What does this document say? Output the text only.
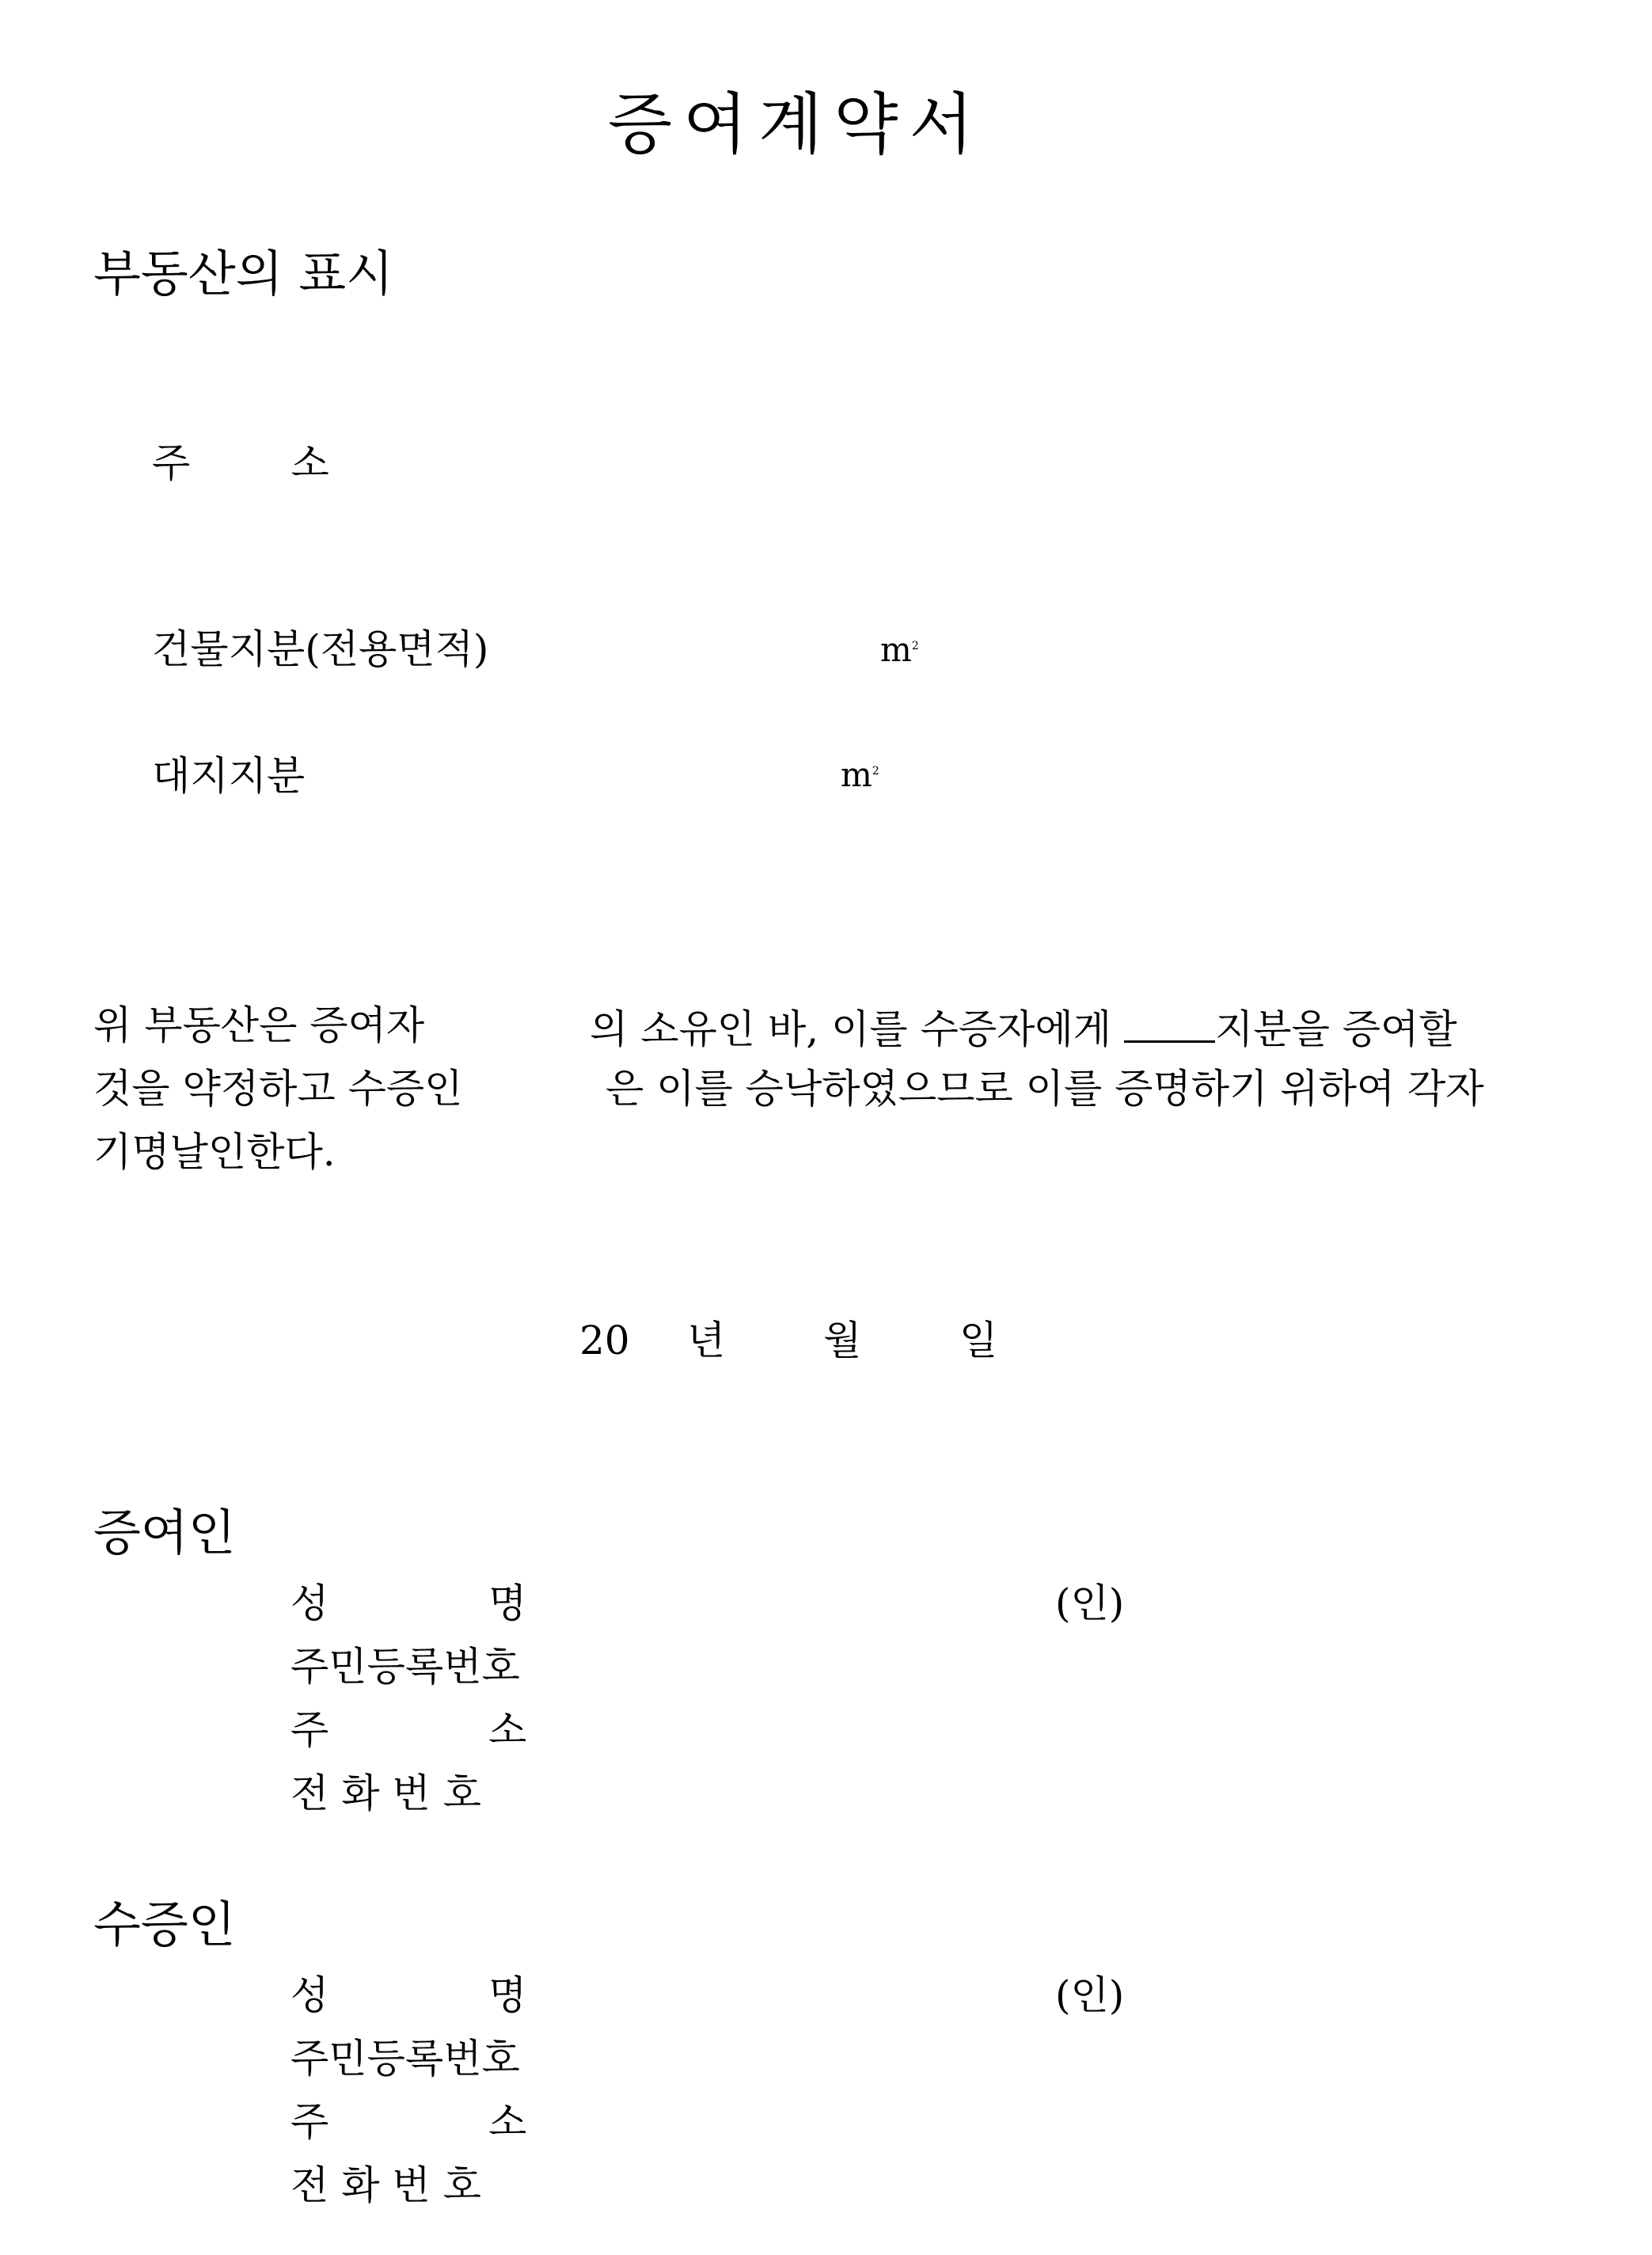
증여계약서
부동산의 표시
주        소
건물지분(전용면적)	$m^2$
대지지분	$m^2$
위 부동산은 증여자	의 소유인 바, 이를 수증자에게	지분을 증여할
것을 약정하고 수증인	은 이를 승낙하였으므로 이를 증명하기 위하여 각자
기명날인한다.
20 년 월 일
증여인
성	명	(인)
주민등록번호
주	소
전 화 번 호
수증인
성	명	(인)
주민등록번호
주	소
전 화 번 호
